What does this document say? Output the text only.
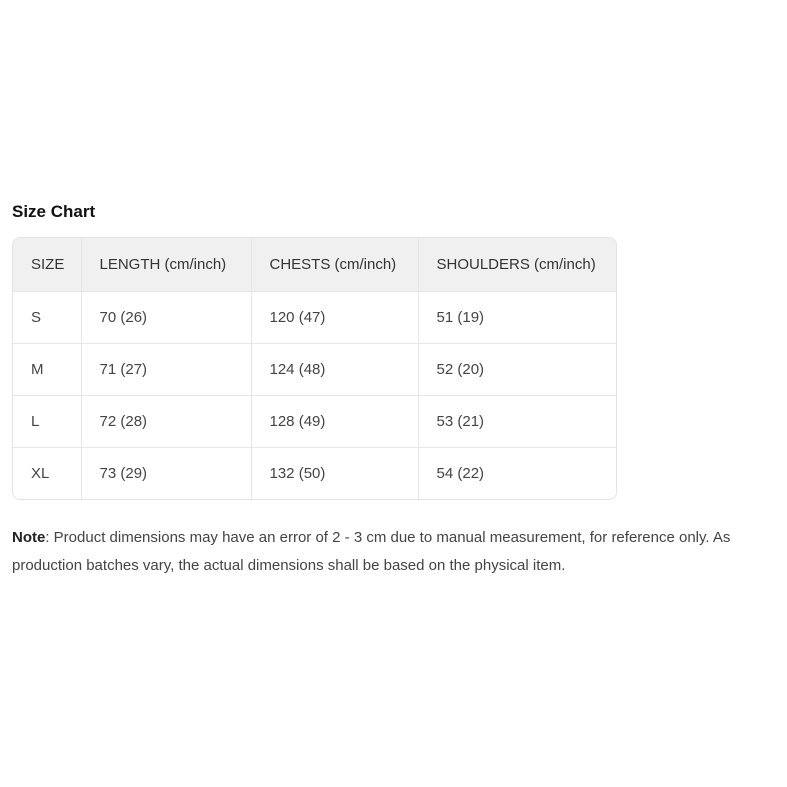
Size Chart
SIZE	LENGTH (cm/inch)	CHESTS (cm/inch)	SHOULDERS (cm/inch)
S	70 (26)	120 (47)	51 (19)
M	71 (27)	124 (48)	52 (20)
L	72 (28)	128 (49)	53 (21)
XL	73 (29)	132 (50)	54 (22)
Note: Product dimensions may have an error of 2 - 3 cm due to manual measurement, for reference only. As production batches vary, the actual dimensions shall be based on the physical item.
